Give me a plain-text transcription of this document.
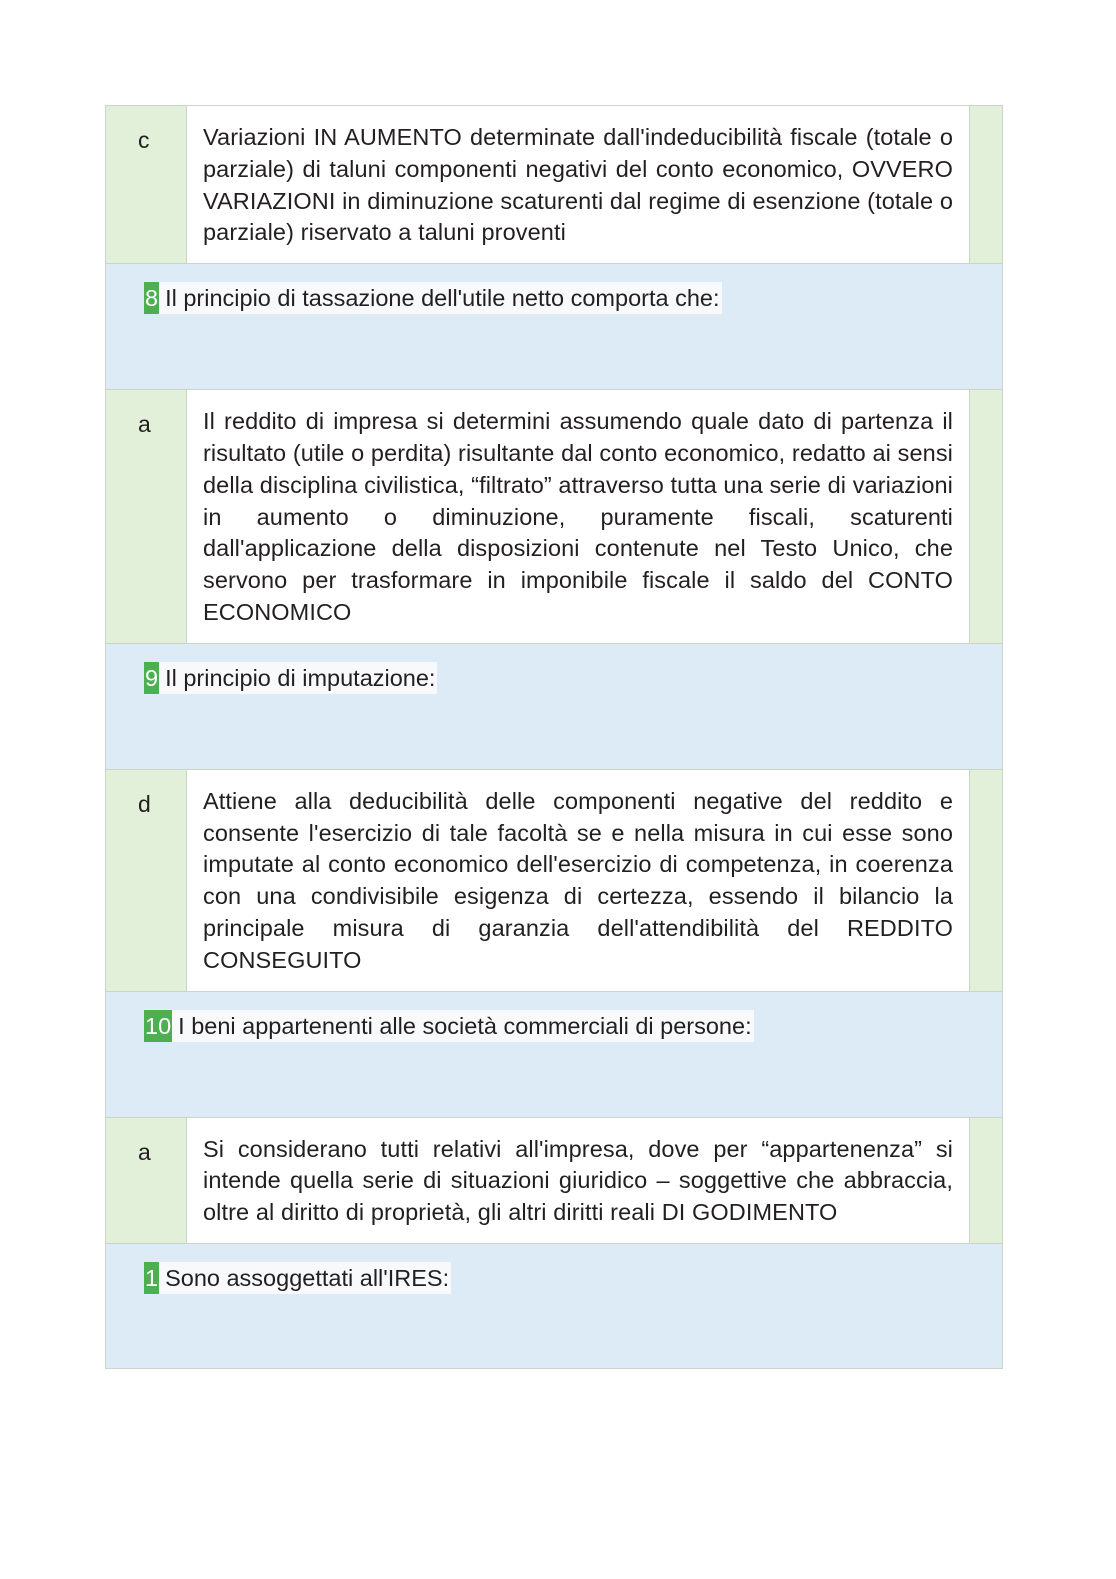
c	Variazioni IN AUMENTO determinate dall'indeducibilità fiscale (totale o parziale) di taluni componenti negativi del conto economico, OVVERO VARIAZIONI in diminuzione scaturenti dal regime di esenzione (totale o parziale) riservato a taluni proventi
8 Il principio di tassazione dell'utile netto comporta che:
a	Il reddito di impresa si determini assumendo quale dato di partenza il risultato (utile o perdita) risultante dal conto economico, redatto ai sensi della disciplina civilistica, “filtrato” attraverso tutta una serie di variazioni in aumento o diminuzione, puramente fiscali, scaturenti dall'applicazione della disposizioni contenute nel Testo Unico, che servono per trasformare in imponibile fiscale il saldo del CONTO ECONOMICO
9 Il principio di imputazione:
d	Attiene alla deducibilità delle componenti negative del reddito e consente l'esercizio di tale facoltà se e nella misura in cui esse sono imputate al conto economico dell'esercizio di competenza, in coerenza con una condivisibile esigenza di certezza, essendo il bilancio la principale misura di garanzia dell'attendibilità del REDDITO CONSEGUITO
10 I beni appartenenti alle società commerciali di persone:
a	Si considerano tutti relativi all'impresa, dove per “appartenenza” si intende quella serie di situazioni giuridico – soggettive che abbraccia, oltre al diritto di proprietà, gli altri diritti reali DI GODIMENTO
1 Sono assoggettati all'IRES:
